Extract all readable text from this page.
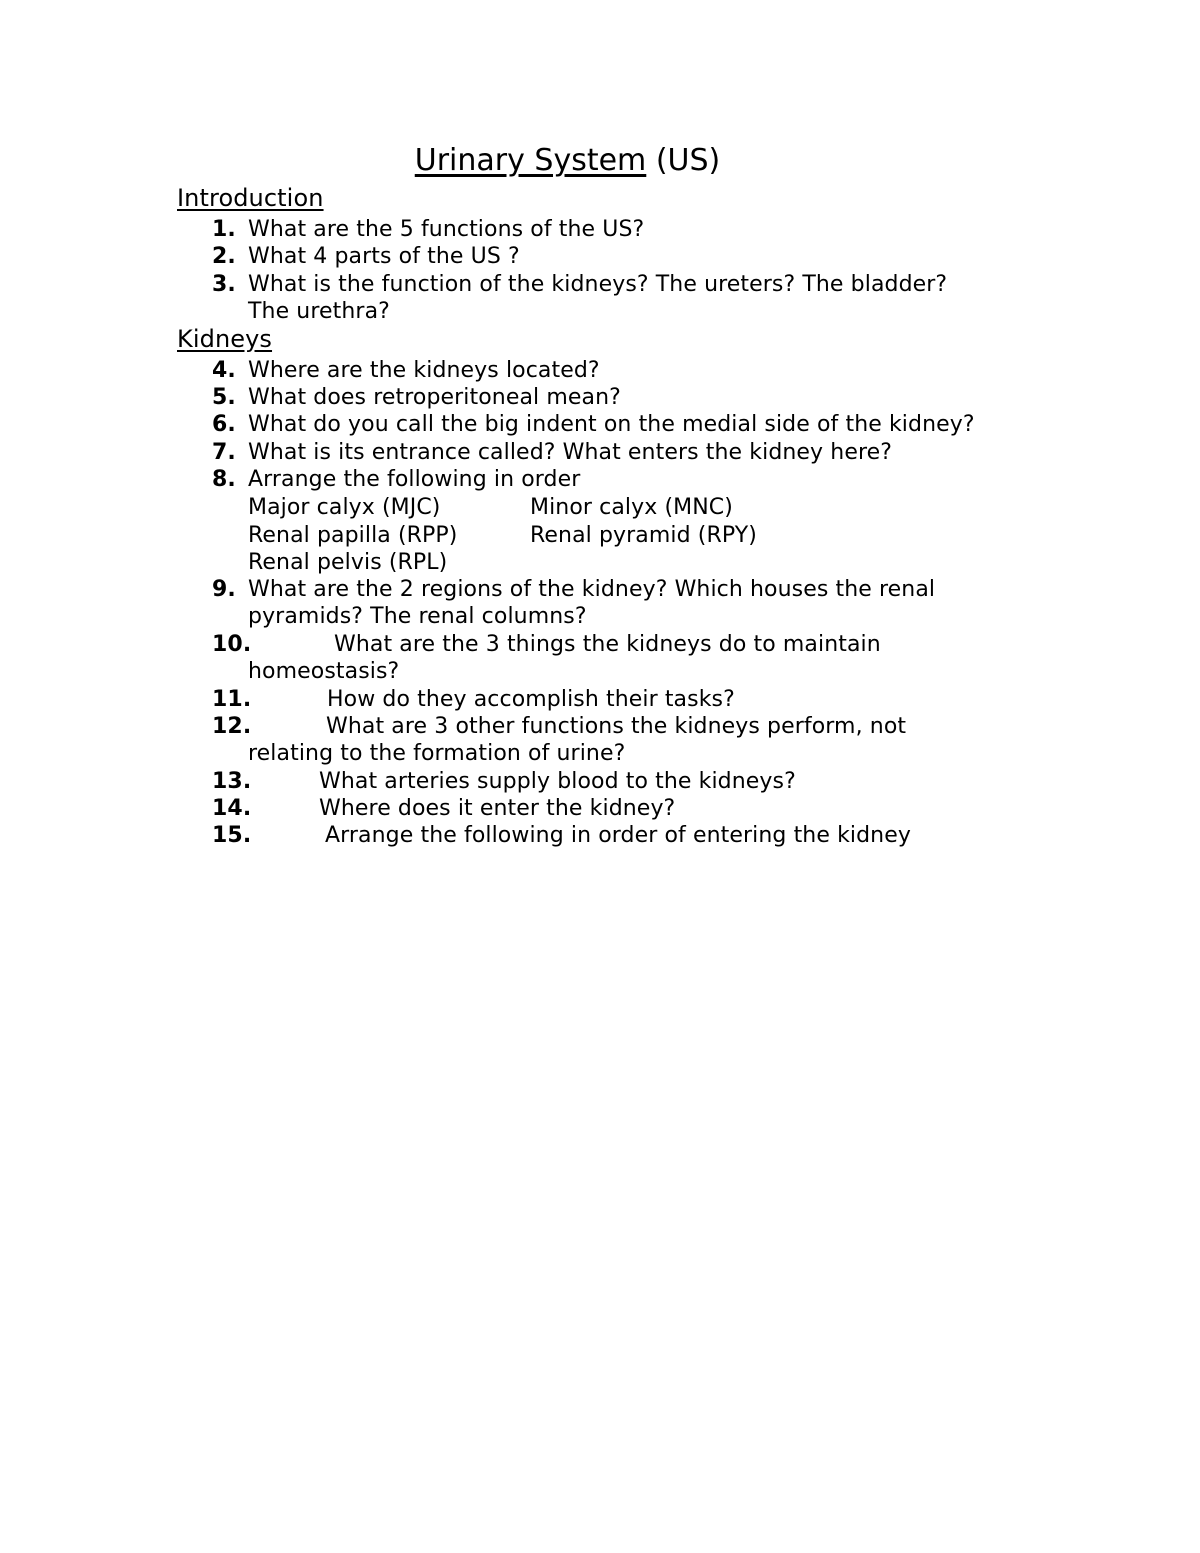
Urinary System (US)
Introduction
1. What are the 5 functions of the US?
2. What 4 parts of the US ?
3. What is the function of the kidneys? The ureters? The bladder?
The urethra?
Kidneys
4. Where are the kidneys located?
5. What does retroperitoneal mean?
6. What do you call the big indent on the medial side of the kidney?
7. What is its entrance called? What enters the kidney here?
8. Arrange the following in order
Major calyx (MJC)	Minor calyx (MNC)
Renal papilla (RPP)	Renal pyramid (RPY)
Renal pelvis (RPL)
9. What are the 2 regions of the kidney? Which houses the renal
pyramids? The renal columns?
10.	What are the 3 things the kidneys do to maintain
homeostasis?
11.	How do they accomplish their tasks?
12.	What are 3 other functions the kidneys perform, not
relating to the formation of urine?
13.	What arteries supply blood to the kidneys?
14.	Where does it enter the kidney?
15.	Arrange the following in order of entering the kidney
